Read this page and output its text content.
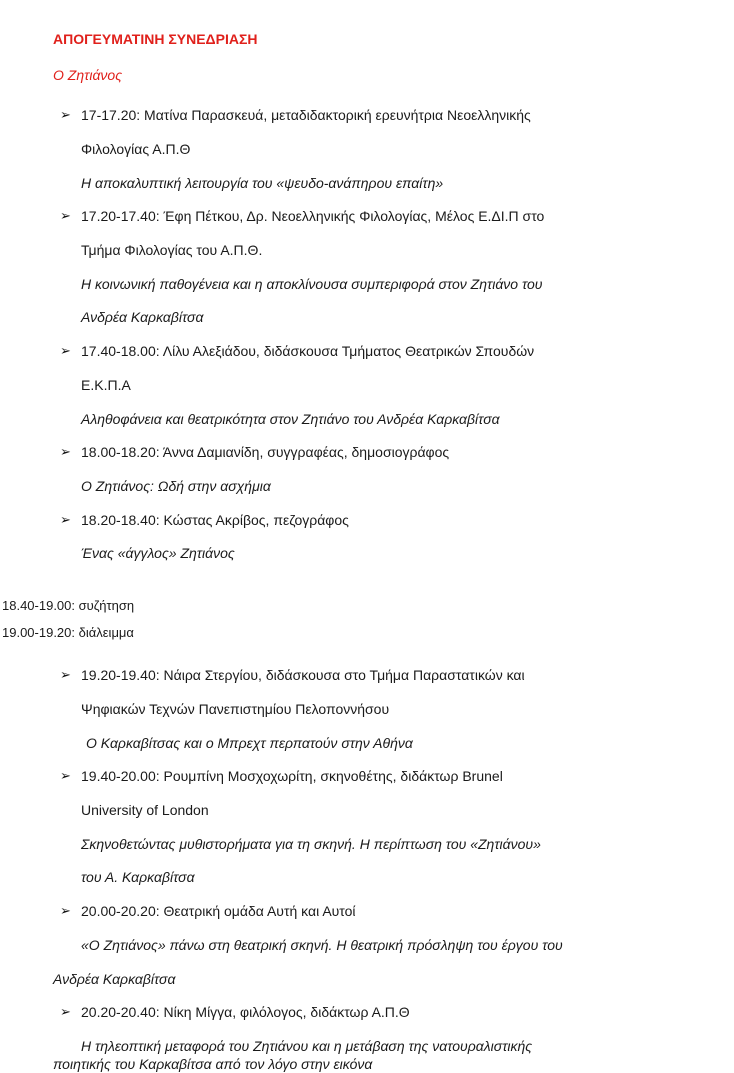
ΑΠΟΓΕΥΜΑΤΙΝΗ ΣΥΝΕΔΡΙΑΣΗ
Ο Ζητιάνος
➢ 17-17.20: Ματίνα Παρασκευά, μεταδιδακτορική ερευνήτρια Νεοελληνικής
Φιλολογίας Α.Π.Θ
Η αποκαλυπτική λειτουργία του «ψευδο-ανάπηρου επαίτη»
➢ 17.20-17.40: Έφη Πέτκου, Δρ. Νεοελληνικής Φιλολογίας, Μέλος Ε.ΔΙ.Π στο
Τμήμα Φιλολογίας του Α.Π.Θ.
Η κοινωνική παθογένεια και η αποκλίνουσα συμπεριφορά στον Ζητιάνο του
Ανδρέα Καρκαβίτσα
➢ 17.40-18.00: Λίλυ Αλεξιάδου, διδάσκουσα Τμήματος Θεατρικών Σπουδών
Ε.Κ.Π.Α
Αληθοφάνεια και θεατρικότητα στον Ζητιάνο του Ανδρέα Καρκαβίτσα
➢ 18.00-18.20: Άννα Δαμιανίδη, συγγραφέας, δημοσιογράφος
Ο Ζητιάνος: Ωδή στην ασχήμια
➢ 18.20-18.40: Κώστας Ακρίβος, πεζογράφος
Ένας «άγγλος» Ζητιάνος
18.40-19.00: συζήτηση
19.00-19.20: διάλειμμα
➢ 19.20-19.40: Νάιρα Στεργίου, διδάσκουσα στο Τμήμα Παραστατικών και
Ψηφιακών Τεχνών Πανεπιστημίου Πελοποννήσου
Ο Καρκαβίτσας και ο Μπρεχτ περπατούν στην Αθήνα
➢ 19.40-20.00: Ρουμπίνη Μοσχοχωρίτη, σκηνοθέτης, διδάκτωρ Brunel
University of London
Σκηνοθετώντας μυθιστορήματα για τη σκηνή. Η περίπτωση του «Ζητιάνου»
του Α. Καρκαβίτσα
➢ 20.00-20.20: Θεατρική ομάδα Αυτή και Αυτοί
«Ο Ζητιάνος» πάνω στη θεατρική σκηνή. Η θεατρική πρόσληψη του έργου του
Ανδρέα Καρκαβίτσα
➢ 20.20-20.40: Νίκη Μίγγα, φιλόλογος, διδάκτωρ Α.Π.Θ
Η τηλεοπτική μεταφορά του Ζητιάνου και η μετάβαση της νατουραλιστικής
ποιητικής του Καρκαβίτσα από τον λόγο στην εικόνα
